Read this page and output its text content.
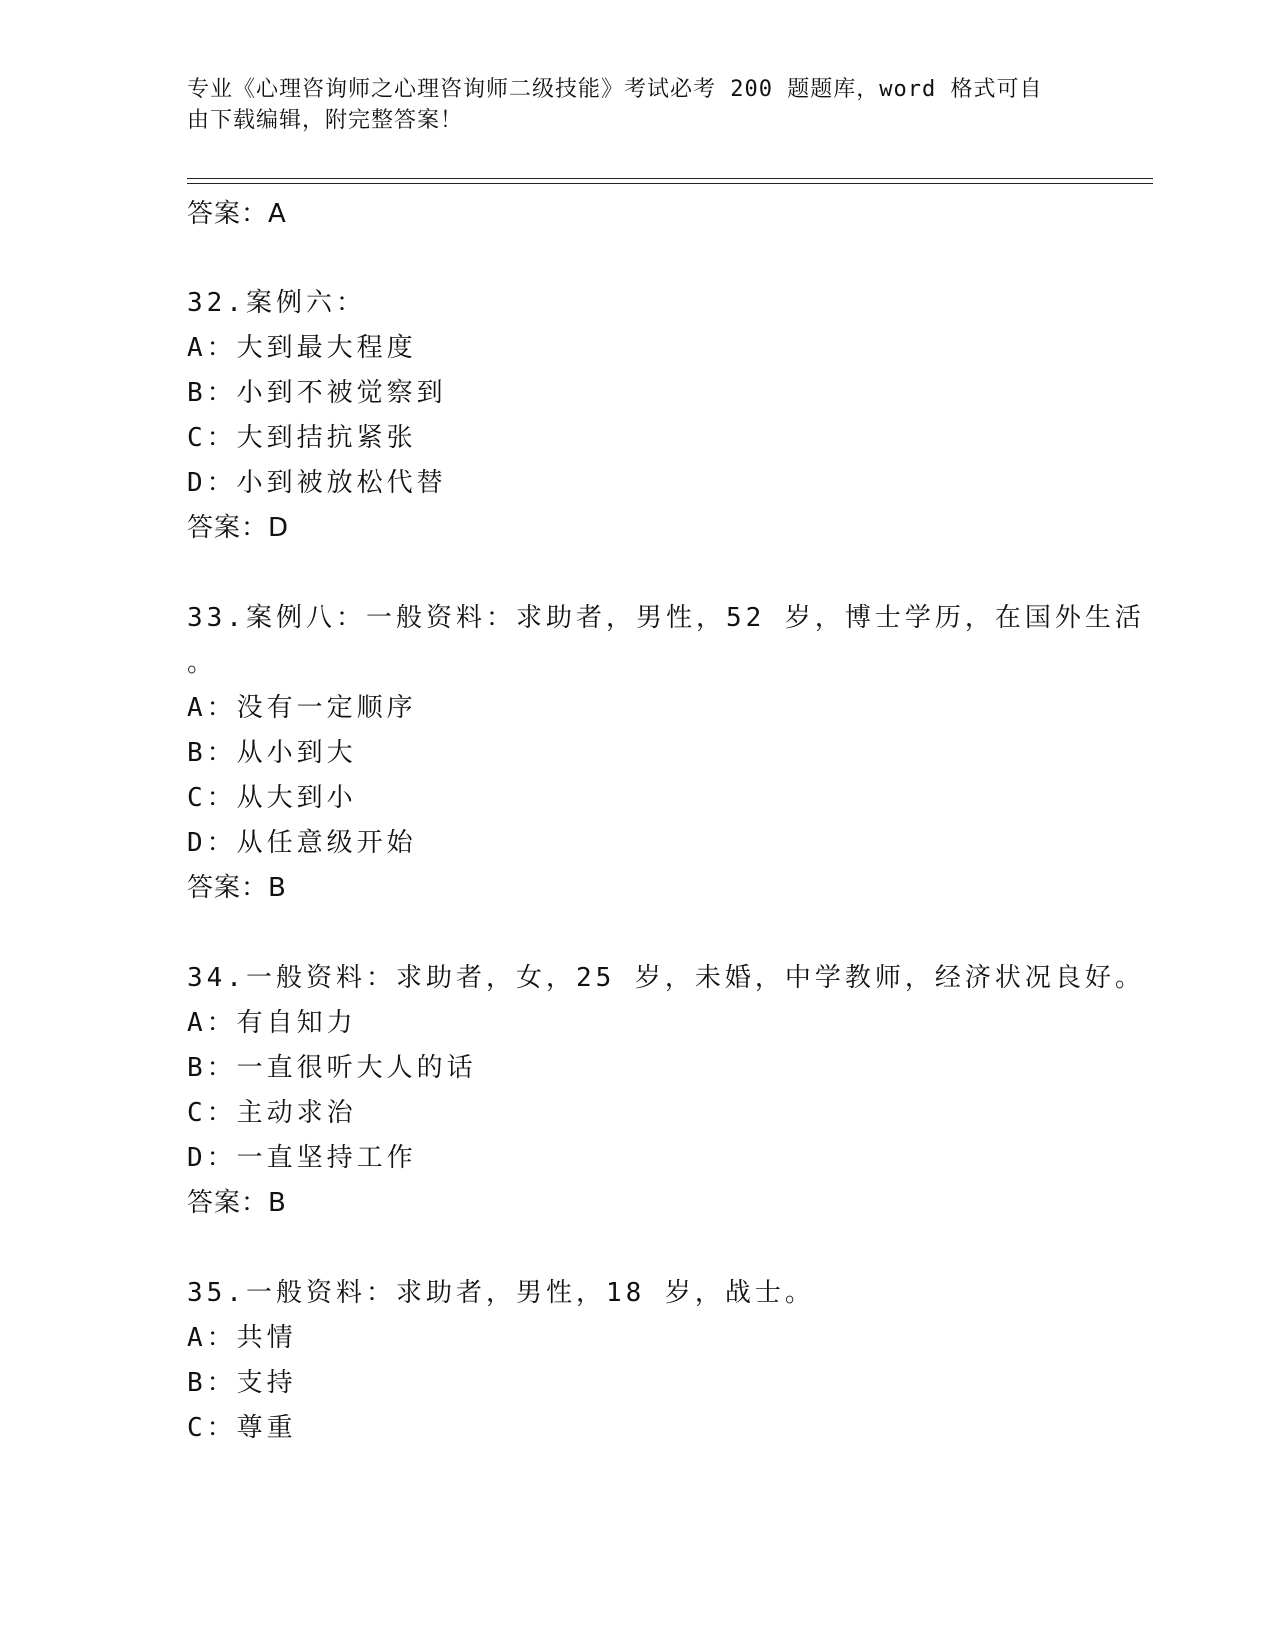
专业《心理咨询师之心理咨询师二级技能》考试必考 200 题题库，word 格式可自
由下载编辑，附完整答案！
答案：A
32.案例六：
A：大到最大程度
B：小到不被觉察到
C：大到拮抗紧张
D：小到被放松代替
答案：D
33.案例八：一般资料：求助者，男性，52 岁，博士学历，在国外生活
。
A：没有一定顺序
B：从小到大
C：从大到小
D：从任意级开始
答案：B
34.一般资料：求助者，女，25 岁，未婚，中学教师，经济状况良好。
A：有自知力
B：一直很听大人的话
C：主动求治
D：一直坚持工作
答案：B
35.一般资料：求助者，男性，18 岁，战士。
A：共情
B：支持
C：尊重
